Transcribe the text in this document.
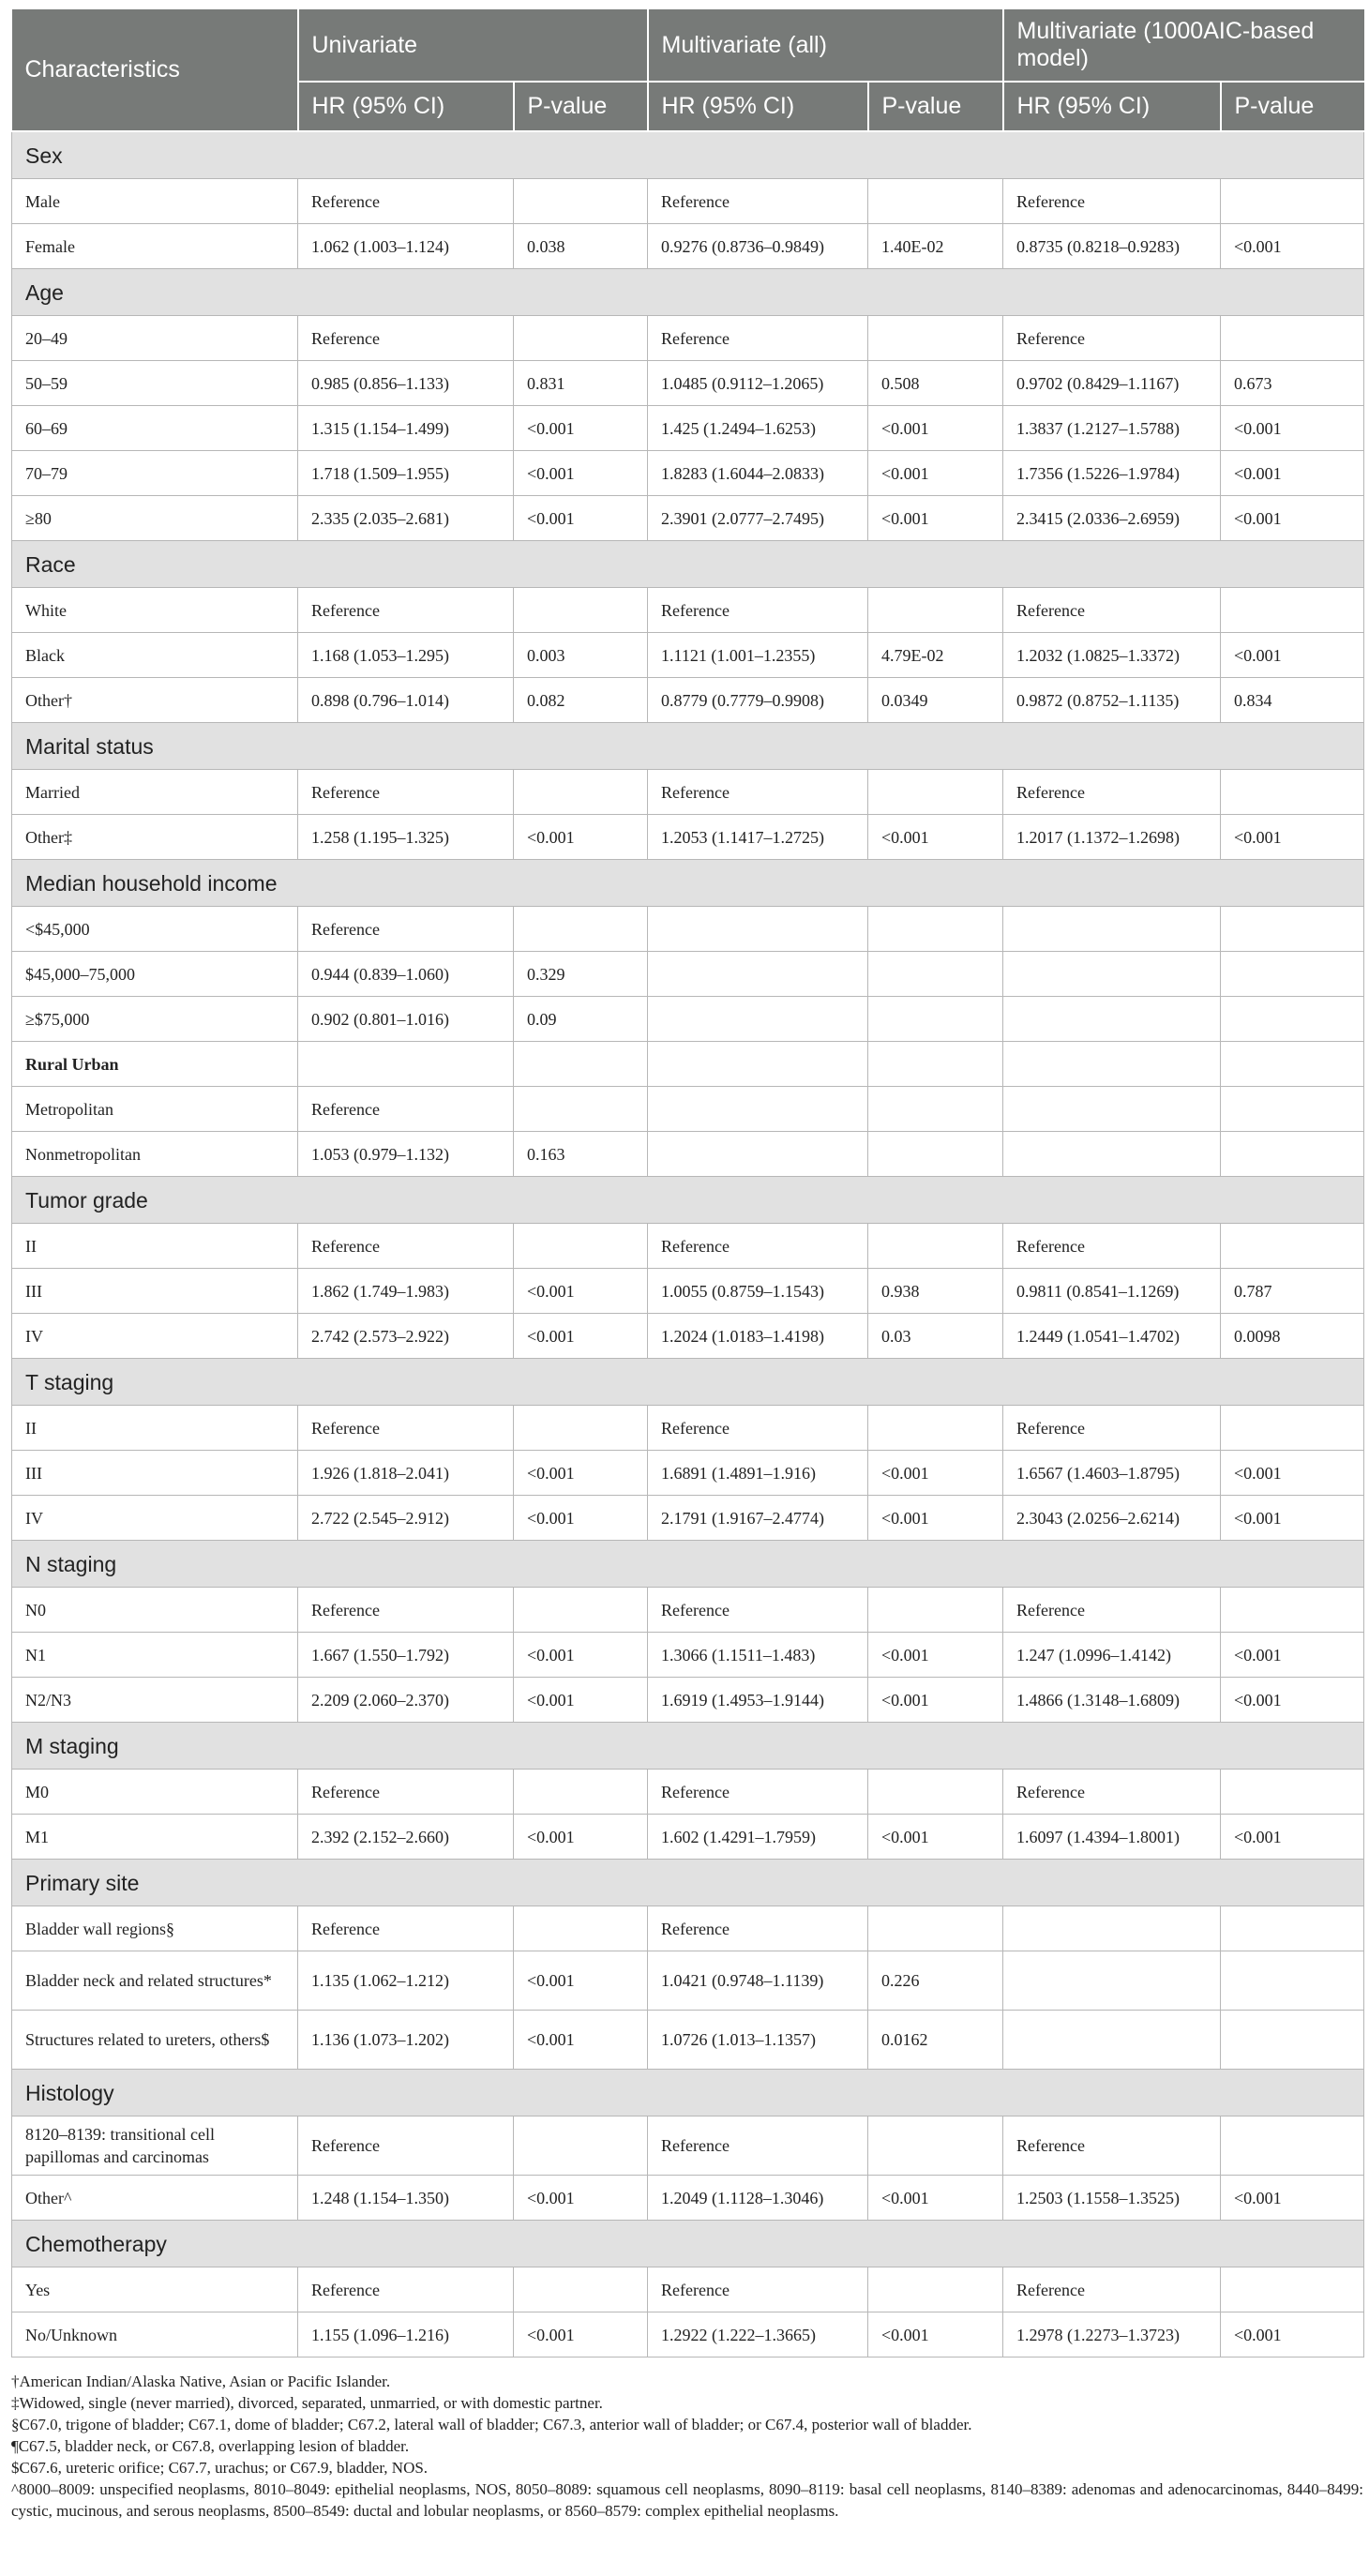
Characteristics	Univariate		Multivariate (all)		Multivariate (1000AIC-based model)	
	HR (95% CI)	P-value	HR (95% CI)	P-value	HR (95% CI)	P-value
Sex						
Male	Reference		Reference		Reference	
Female	1.062 (1.003–1.124)	0.038	0.9276 (0.8736–0.9849)	1.40E-02	0.8735 (0.8218–0.9283)	<0.001
Age						
20–49	Reference		Reference		Reference	
50–59	0.985 (0.856–1.133)	0.831	1.0485 (0.9112–1.2065)	0.508	0.9702 (0.8429–1.1167)	0.673
60–69	1.315 (1.154–1.499)	<0.001	1.425 (1.2494–1.6253)	<0.001	1.3837 (1.2127–1.5788)	<0.001
70–79	1.718 (1.509–1.955)	<0.001	1.8283 (1.6044–2.0833)	<0.001	1.7356 (1.5226–1.9784)	<0.001
≥80	2.335 (2.035–2.681)	<0.001	2.3901 (2.0777–2.7495)	<0.001	2.3415 (2.0336–2.6959)	<0.001
Race						
White	Reference		Reference		Reference	
Black	1.168 (1.053–1.295)	0.003	1.1121 (1.001–1.2355)	4.79E-02	1.2032 (1.0825–1.3372)	<0.001
Other†	0.898 (0.796–1.014)	0.082	0.8779 (0.7779–0.9908)	0.0349	0.9872 (0.8752–1.1135)	0.834
Marital status						
Married	Reference		Reference		Reference	
Other‡	1.258 (1.195–1.325)	<0.001	1.2053 (1.1417–1.2725)	<0.001	1.2017 (1.1372–1.2698)	<0.001
Median household income						
<$45,000	Reference					
$45,000–75,000	0.944 (0.839–1.060)	0.329				
≥$75,000	0.902 (0.801–1.016)	0.09				
Rural Urban						
Metropolitan	Reference					
Nonmetropolitan	1.053 (0.979–1.132)	0.163				
Tumor grade						
II	Reference		Reference		Reference	
III	1.862 (1.749–1.983)	<0.001	1.0055 (0.8759–1.1543)	0.938	0.9811 (0.8541–1.1269)	0.787
IV	2.742 (2.573–2.922)	<0.001	1.2024 (1.0183–1.4198)	0.03	1.2449 (1.0541–1.4702)	0.0098
T staging						
II	Reference		Reference		Reference	
III	1.926 (1.818–2.041)	<0.001	1.6891 (1.4891–1.916)	<0.001	1.6567 (1.4603–1.8795)	<0.001
IV	2.722 (2.545–2.912)	<0.001	2.1791 (1.9167–2.4774)	<0.001	2.3043 (2.0256–2.6214)	<0.001
N staging						
N0	Reference		Reference		Reference	
N1	1.667 (1.550–1.792)	<0.001	1.3066 (1.1511–1.483)	<0.001	1.247 (1.0996–1.4142)	<0.001
N2/N3	2.209 (2.060–2.370)	<0.001	1.6919 (1.4953–1.9144)	<0.001	1.4866 (1.3148–1.6809)	<0.001
M staging						
M0	Reference		Reference		Reference	
M1	2.392 (2.152–2.660)	<0.001	1.602 (1.4291–1.7959)	<0.001	1.6097 (1.4394–1.8001)	<0.001
Primary site						
Bladder wall regions§	Reference		Reference			
Bladder neck and related structures*	1.135 (1.062–1.212)	<0.001	1.0421 (0.9748–1.1139)	0.226		
Structures related to ureters, others$	1.136 (1.073–1.202)	<0.001	1.0726 (1.013–1.1357)	0.0162		
Histology						
8120–8139: transitional cell papillomas and carcinomas	Reference		Reference		Reference	
Other^	1.248 (1.154–1.350)	<0.001	1.2049 (1.1128–1.3046)	<0.001	1.2503 (1.1558–1.3525)	<0.001
Chemotherapy						
Yes	Reference		Reference		Reference	
No/Unknown	1.155 (1.096–1.216)	<0.001	1.2922 (1.222–1.3665)	<0.001	1.2978 (1.2273–1.3723)	<0.001

†American Indian/Alaska Native, Asian or Pacific Islander.

‡Widowed, single (never married), divorced, separated, unmarried, or with domestic partner.

§C67.0, trigone of bladder; C67.1, dome of bladder; C67.2, lateral wall of bladder; C67.3, anterior wall of bladder; or C67.4, posterior wall of bladder.

¶C67.5, bladder neck, or C67.8, overlapping lesion of bladder.

$C67.6, ureteric orifice; C67.7, urachus; or C67.9, bladder, NOS.

^8000–8009: unspecified neoplasms, 8010–8049: epithelial neoplasms, NOS, 8050–8089: squamous cell neoplasms, 8090–8119: basal cell neoplasms, 8140–8389: adenomas and adenocarcinomas, 8440–8499: cystic, mucinous, and serous neoplasms, 8500–8549: ductal and lobular neoplasms, or 8560–8579: complex epithelial neoplasms.
